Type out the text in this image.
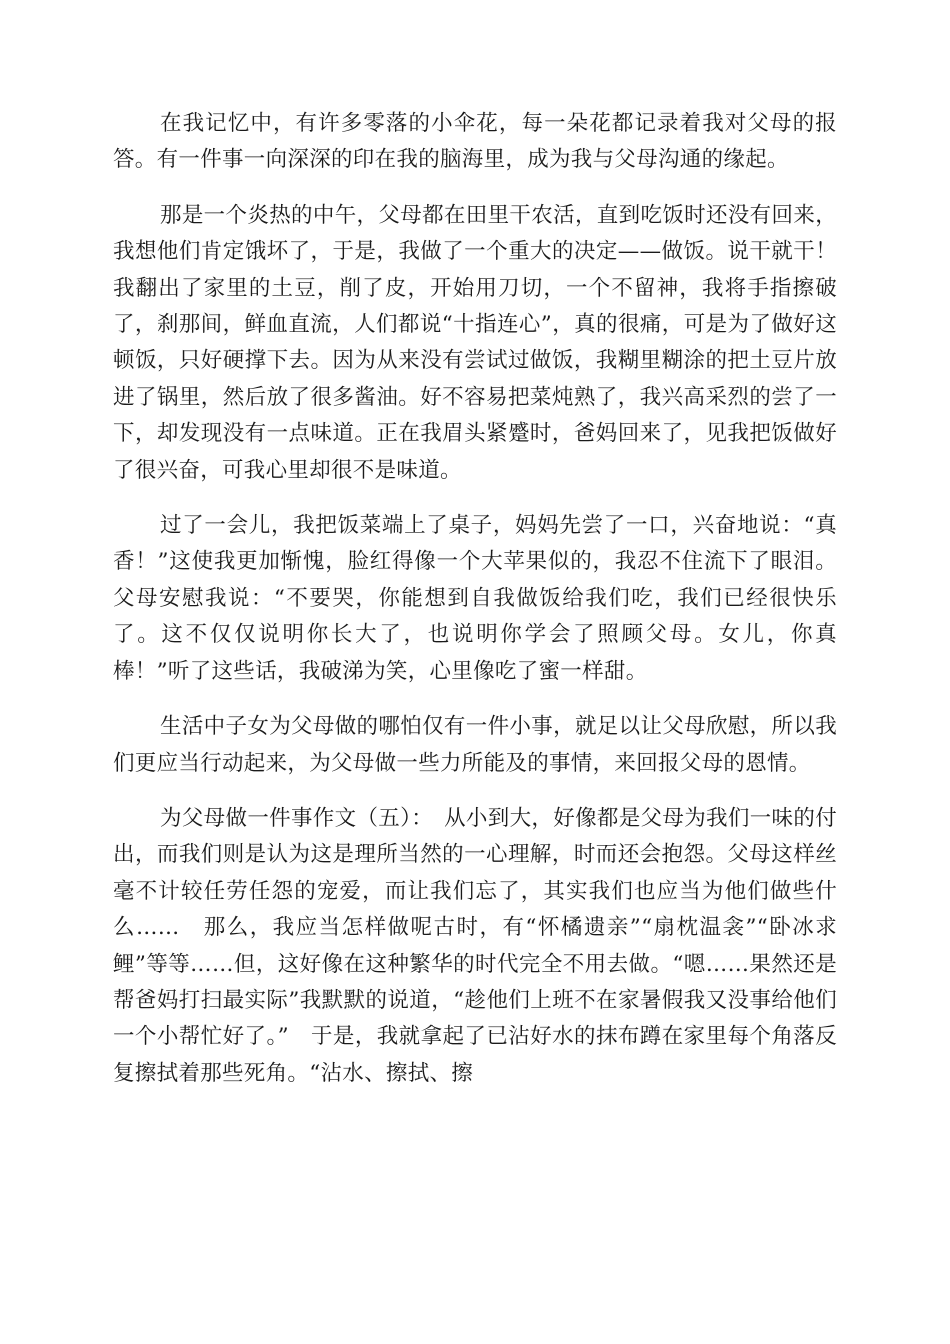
在我记忆中，有许多零落的小伞花，每一朵花都记录着我对父母的报答。有一件事一向深深的印在我的脑海里，成为我与父母沟通的缘起。

那是一个炎热的中午，父母都在田里干农活，直到吃饭时还没有回来，我想他们肯定饿坏了，于是，我做了一个重大的决定——做饭。说干就干！我翻出了家里的土豆，削了皮，开始用刀切，一个不留神，我将手指擦破了，刹那间，鲜血直流，人们都说“十指连心”，真的很痛，可是为了做好这顿饭，只好硬撑下去。因为从来没有尝试过做饭，我糊里糊涂的把土豆片放进了锅里，然后放了很多酱油。好不容易把菜炖熟了，我兴高采烈的尝了一下，却发现没有一点味道。正在我眉头紧蹙时，爸妈回来了，见我把饭做好了很兴奋，可我心里却很不是味道。

过了一会儿，我把饭菜端上了桌子，妈妈先尝了一口，兴奋地说：“真香！”这使我更加惭愧，脸红得像一个大苹果似的，我忍不住流下了眼泪。父母安慰我说：“不要哭，你能想到自我做饭给我们吃，我们已经很快乐了。这不仅仅说明你长大了，也说明你学会了照顾父母。女儿，你真棒！”听了这些话，我破涕为笑，心里像吃了蜜一样甜。

生活中子女为父母做的哪怕仅有一件小事，就足以让父母欣慰，所以我们更应当行动起来，为父母做一些力所能及的事情，来回报父母的恩情。

为父母做一件事作文（五）：　从小到大，好像都是父母为我们一味的付出，而我们则是认为这是理所当然的一心理解，时而还会抱怨。父母这样丝毫不计较任劳任怨的宠爱，而让我们忘了，其实我们也应当为他们做些什么……　那么，我应当怎样做呢古时，有“怀橘遗亲”“扇枕温衾”“卧冰求鲤”等等……但，这好像在这种繁华的时代完全不用去做。“嗯……果然还是帮爸妈打扫最实际”我默默的说道，“趁他们上班不在家暑假我又没事给他们一个小帮忙好了。”　于是，我就拿起了已沾好水的抹布蹲在家里每个角落反复擦拭着那些死角。“沾水、擦拭、擦
